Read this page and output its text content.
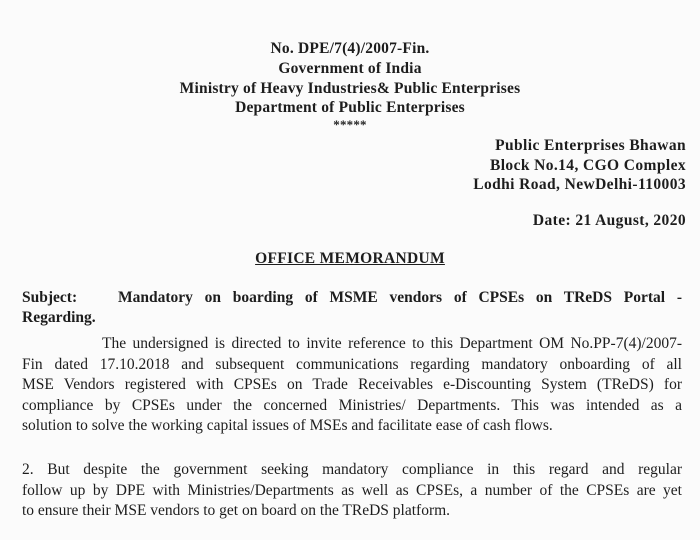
No. DPE/7(4)/2007-Fin.
Government of India
Ministry of Heavy Industries& Public Enterprises
Department of Public Enterprises
*****
Public Enterprises Bhawan
Block No.14, CGO Complex
Lodhi Road, NewDelhi-110003
Date: 21 August, 2020
OFFICE MEMORANDUM
Subject:	Mandatory on boarding of MSME vendors of CPSEs on TReDS Portal -
Regarding.
The undersigned is directed to invite reference to this Department OM No.PP-7(4)/2007-
Fin dated 17.10.2018 and subsequent communications regarding mandatory onboarding of all
MSE Vendors registered with CPSEs on Trade Receivables e-Discounting System (TReDS) for
compliance by CPSEs under the concerned Ministries/ Departments. This was intended as a
solution to solve the working capital issues of MSEs and facilitate ease of cash flows.
2. But despite the government seeking mandatory compliance in this regard and regular
follow up by DPE with Ministries/Departments as well as CPSEs, a number of the CPSEs are yet
to ensure their MSE vendors to get on board on the TReDS platform.
